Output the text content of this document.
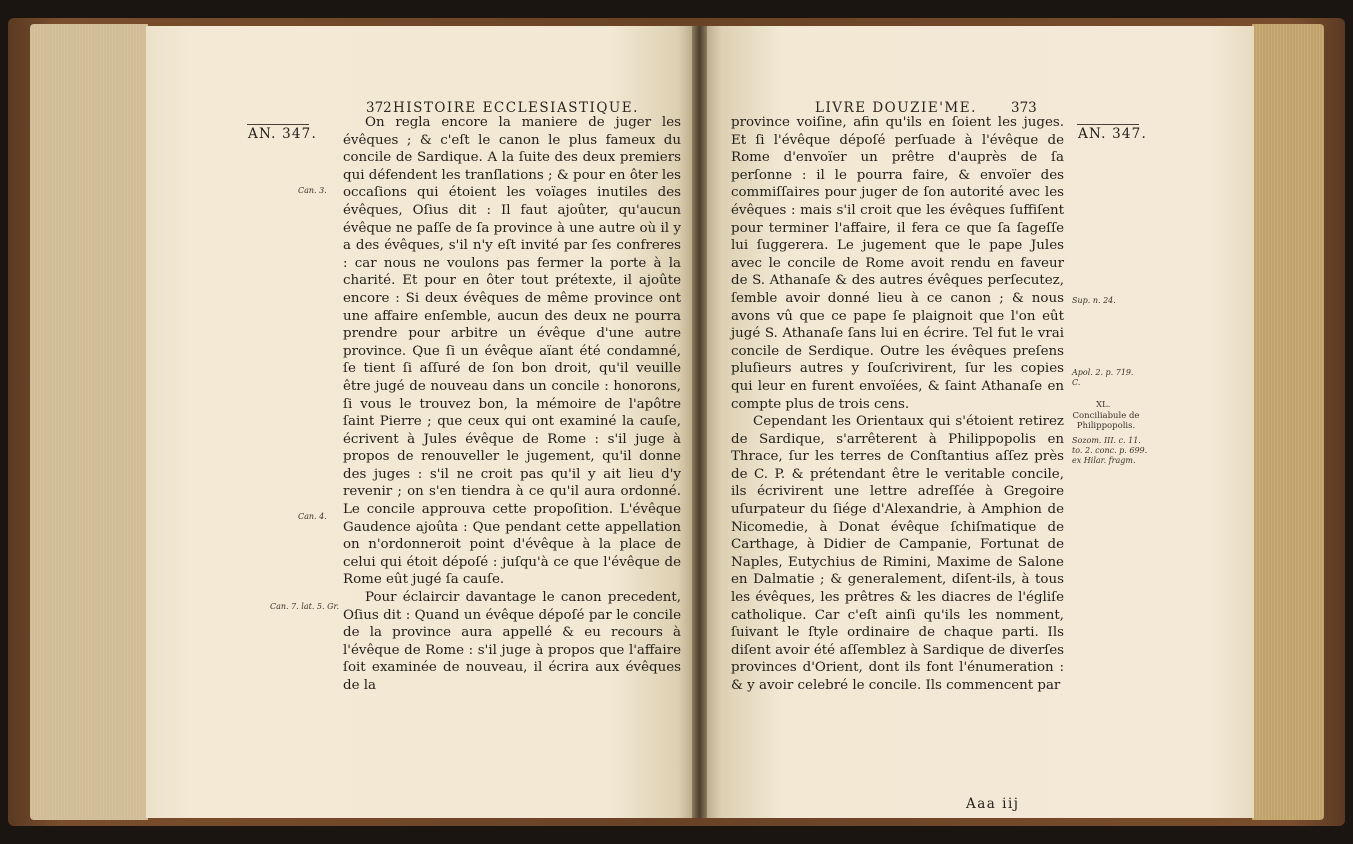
372 HISTOIRE ECCLESIASTIQUE.
AN. 347.
Can. 3.
Can. 4.
Can. 7. lat. 5. Gr.

On regla encore la maniere de juger les évêques ; & c'eſt le canon le plus fameux du concile de Sardique. A la ſuite des deux premiers qui défendent les tranſlations ; & pour en ôter les occaſions qui étoient les voïages inutiles des évêques, Oſius dit : Il faut ajoûter, qu'aucun évêque ne paſſe de ſa province à une autre où il y a des évêques, s'il n'y eſt invité par ſes confreres : car nous ne voulons pas fermer la porte à la charité. Et pour en ôter tout prétexte, il ajoûte encore : Si deux évêques de même province ont une affaire enſemble, aucun des deux ne pourra prendre pour arbitre un évêque d'une autre province. Que ſi un évêque aïant été condamné, ſe tient ſi aſſuré de ſon bon droit, qu'il veuille être jugé de nouveau dans un concile : honorons, ſi vous le trouvez bon, la mémoire de l'apôtre ſaint Pierre ; que ceux qui ont examiné la cauſe, écrivent à Jules évêque de Rome : s'il juge à propos de renouveller le jugement, qu'il donne des juges : s'il ne croit pas qu'il y ait lieu d'y revenir ; on s'en tiendra à ce qu'il aura ordonné. Le concile approuva cette propoſition. L'évêque Gaudence ajoûta : Que pendant cette appellation on n'ordonneroit point d'évêque à la place de celui qui étoit dépoſé : juſqu'à ce que l'évêque de Rome eût jugé ſa cauſe.

Pour éclaircir davantage le canon precedent, Oſius dit : Quand un évêque dépoſé par le concile de la province aura appellé & eu recours à l'évêque de Rome : s'il juge à propos que l'affaire ſoit examinée de nouveau, il écrira aux évêques de la

LIVRE DOUZIE'ME.	373
AN. 347.
Sup. n. 24.
Apol. 2. p. 719. C.
XL.
Conciliabule de Philippopolis.
Sozom. III. c. 11.
to. 2. conc. p. 699.
ex Hilar. fragm.

province voiſine, afin qu'ils en ſoient les juges. Et ſi l'évêque dépoſé perſuade à l'évêque de Rome d'envoïer un prêtre d'auprès de ſa perſonne : il le pourra faire, & envoïer des commiſſaires pour juger de ſon autorité avec les évêques : mais s'il croit que les évêques ſuffiſent pour terminer l'affaire, il fera ce que ſa ſageſſe lui ſuggerera. Le jugement que le pape Jules avec le concile de Rome avoit rendu en faveur de S. Athanaſe & des autres évêques perſecutez, ſemble avoir donné lieu à ce canon ; & nous avons vû que ce pape ſe plaignoit que l'on eût jugé S. Athanaſe ſans lui en écrire. Tel fut le vrai concile de Serdique. Outre les évêques preſens pluſieurs autres y ſouſcrivirent, ſur les copies qui leur en furent envoïées, & ſaint Athanaſe en compte plus de trois cens.

Cependant les Orientaux qui s'étoient retirez de Sardique, s'arrêterent à Philippopolis en Thrace, ſur les terres de Conſtantius aſſez près de C. P. & prétendant être le veritable concile, ils écrivirent une lettre adreſſée à Gregoire uſurpateur du ſiége d'Alexandrie, à Amphion de Nicomedie, à Donat évêque ſchiſmatique de Carthage, à Didier de Campanie, Fortunat de Naples, Eutychius de Rimini, Maxime de Salone en Dalmatie ; & generalement, diſent-ils, à tous les évêques, les prêtres & les diacres de l'égliſe catholique. Car c'eſt ainſi qu'ils les nomment, ſuivant le ſtyle ordinaire de chaque parti. Ils diſent avoir été aſſemblez à Sardique de diverſes provinces d'Orient, dont ils font l'énumeration : & y avoir celebré le concile. Ils commencent par

Aaa iij
